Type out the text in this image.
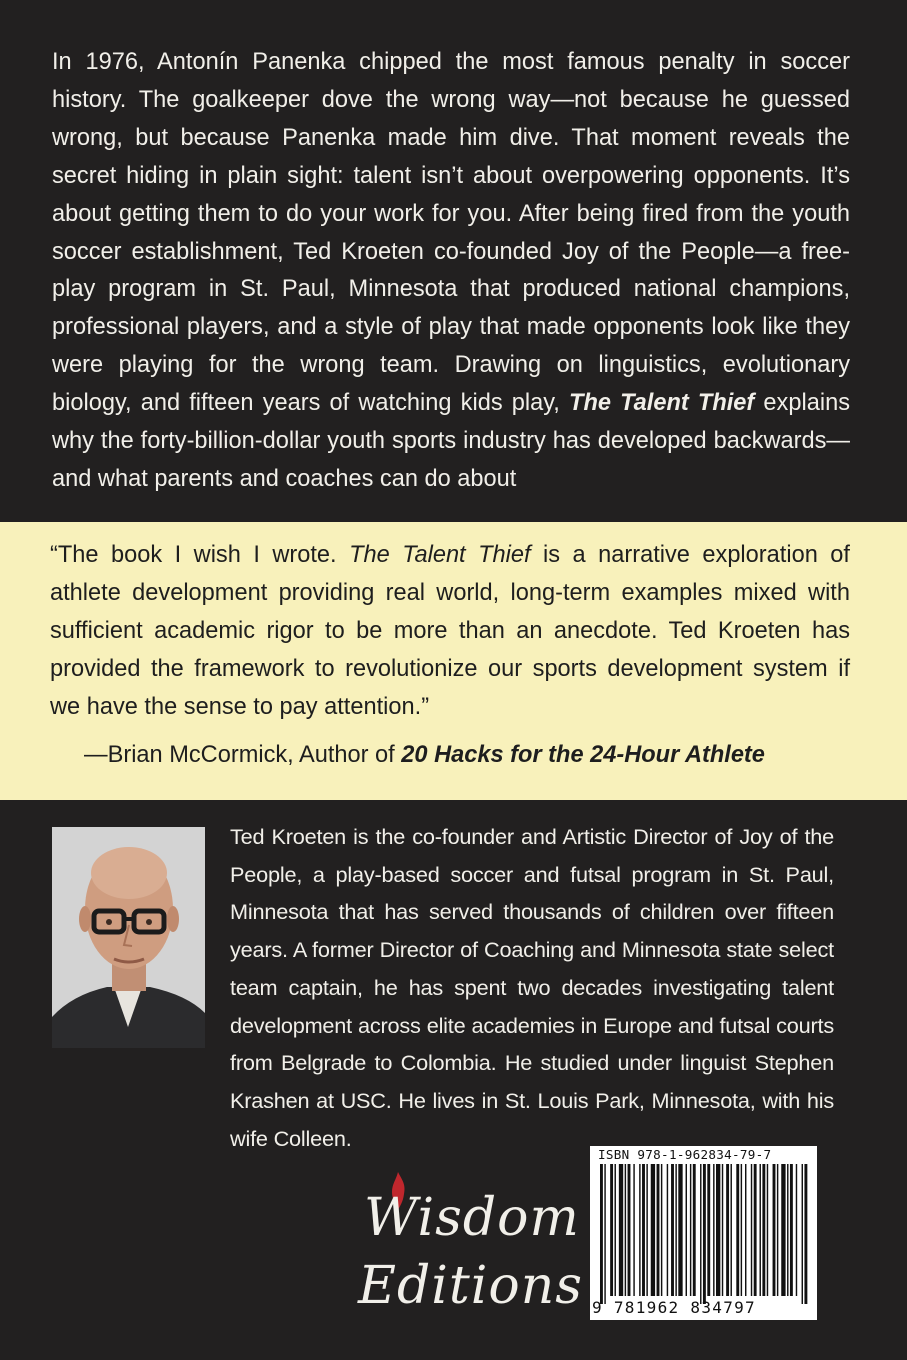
In 1976, Antonín Panenka chipped the most famous penalty in soccer history. The goalkeeper dove the wrong way—not because he guessed wrong, but because Panenka made him dive. That moment reveals the secret hiding in plain sight: talent isn’t about overpowering opponents. It’s about getting them to do your work for you. After being fired from the youth soccer establishment, Ted Kroeten co-founded Joy of the People—a free-play program in St. Paul, Minnesota that produced national champions, professional players, and a style of play that made opponents look like they were playing for the wrong team. Drawing on linguistics, evolutionary biology, and fifteen years of watching kids play, The Talent Thief explains why the forty-billion-dollar youth sports industry has developed backwards—and what parents and coaches can do about

“The book I wish I wrote. The Talent Thief is a narrative exploration of athlete development providing real world, long-term examples mixed with sufficient academic rigor to be more than an anecdote. Ted Kroeten has provided the framework to revolutionize our sports development system if we have the sense to pay attention.”

—Brian McCormick, Author of 20 Hacks for the 24-Hour Athlete

Ted Kroeten is the co-founder and Artistic Director of Joy of the People, a play-based soccer and futsal program in St. Paul, Minnesota that has served thousands of children over fifteen years. A former Director of Coaching and Minnesota state select team captain, he has spent two decades investigating talent development across elite academies in Europe and futsal courts from Belgrade to Colombia. He studied under linguist Stephen Krashen at USC. He lives in St. Louis Park, Minnesota, with his wife Colleen.

Wisdom
Editions
ISBN 978-1-962834-79-7
9 781962 834797
